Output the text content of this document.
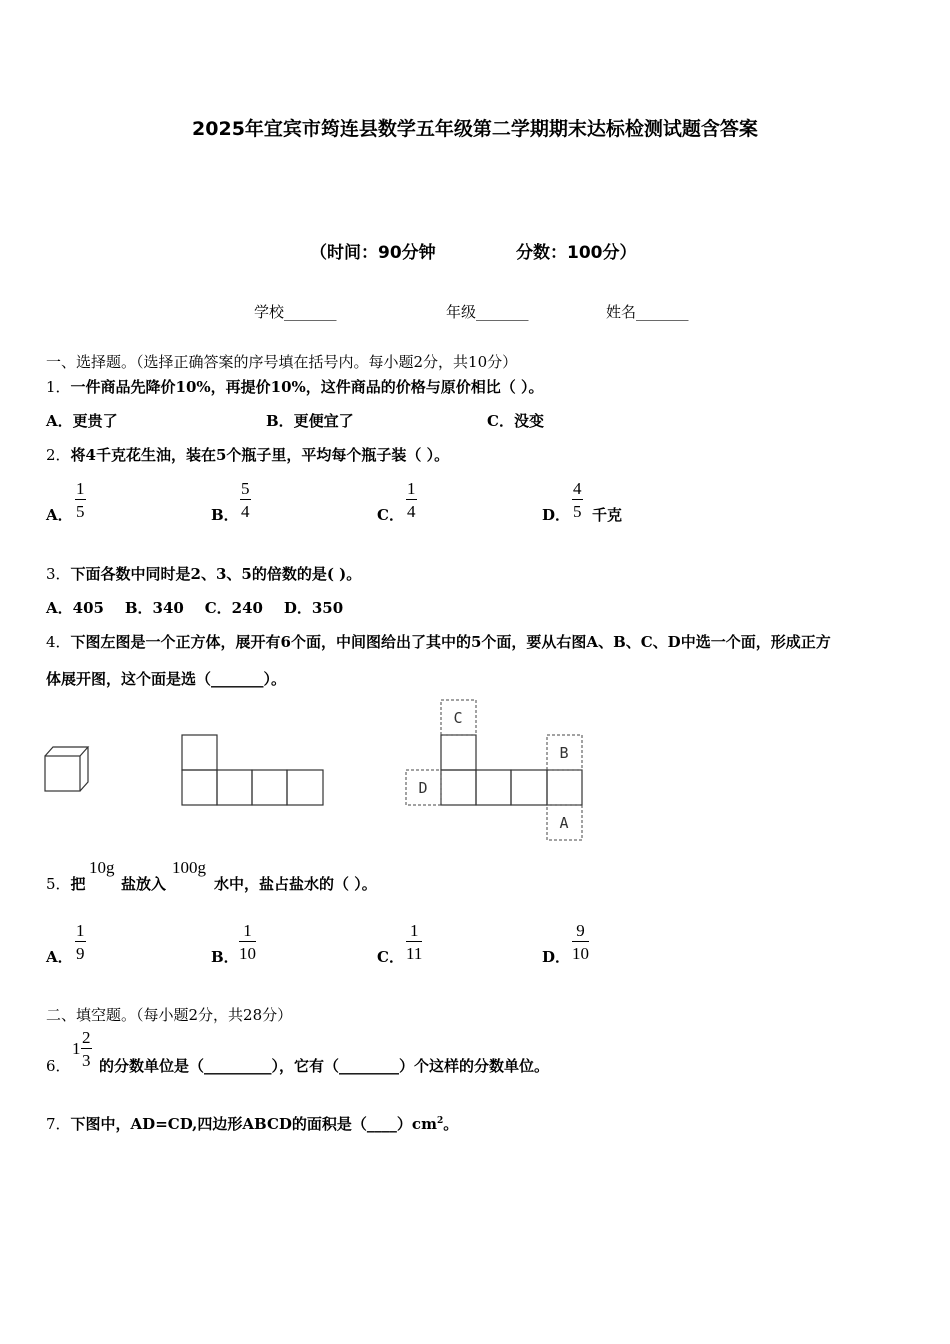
2025年宜宾市筠连县数学五年级第二学期期末达标检测试题含答案
（时间：90分钟	分数：100分）
学校_______	年级_______	姓名_______
一、选择题。（选择正确答案的序号填在括号内。每小题2分，共10分）
1．一件商品先降价10%，再提价10%，这件商品的价格与原价相比（ ）。
A．更贵了	B．更便宜了	C．没变
2．将4千克花生油，装在5个瓶子里，平均每个瓶子装（ ）。
A． $\frac{1}{5}$	B． $\frac{5}{4}$	C． $\frac{1}{4}$	D． $\frac{4}{5}$ 千克
3．下面各数中同时是2、3、5的倍数的是( )。
A．405    B．340    C．240    D．350
4．下图左图是一个正方体，展开有6个面，中间图给出了其中的5个面，要从右图A、B、C、D中选一个面，形成正方
体展开图，这个面是选（_______）。
C
B
D
A
5．把
10g
盐放入
100g
水中，盐占盐水的（ ）。
A． $\frac{1}{9}$	B． $\frac{1}{10}$	C． $\frac{1}{11}$	D． $\frac{9}{10}$
二、填空题。（每小题2分，共28分）
6．
$1 \frac{2}{3}$ 的分数单位是（_________），它有（________）个这样的分数单位。
7．下图中，AD=CD,四边形ABCD的面积是$(\_\_\_\_)cm^2$。
